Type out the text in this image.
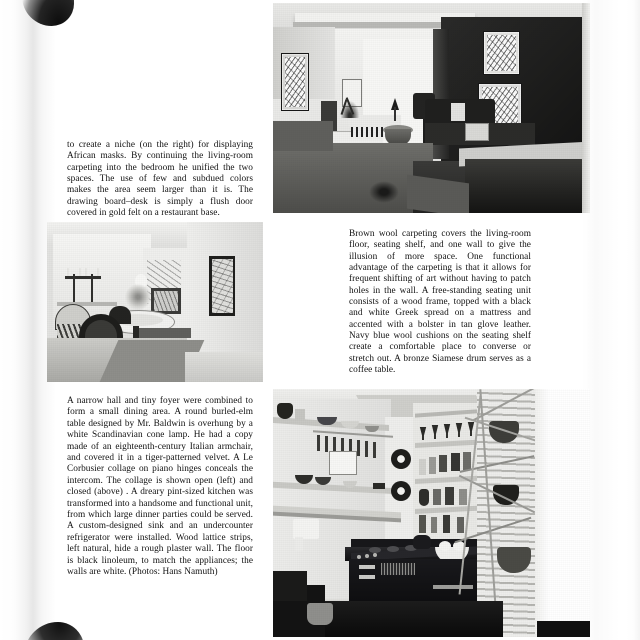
to create a niche (on the right) for displaying African masks. By continuing the living-room carpeting into the bedroom he unified the two spaces. The use of few and subdued colors makes the area seem larger than it is. The drawing board–desk is simply a flush door covered in gold felt on a restaurant base.

Brown wool carpeting covers the living-room floor, seating shelf, and one wall to give the illusion of more space. One functional advantage of the carpeting is that it allows for frequent shifting of art without having to patch holes in the wall. A free-standing seating unit consists of a wood frame, topped with a black and white Greek spread on a mattress and accented with a bolster in tan glove leather. Navy blue wool cushions on the seating shelf create a comfortable place to converse or stretch out. A bronze Siamese drum serves as a coffee table.

A narrow hall and tiny foyer were combined to form a small dining area. A round burled-elm table designed by Mr. Baldwin is overhung by a white Scandinavian cone lamp. He had a copy made of an eighteenth-century Italian armchair, and covered it in a tiger-patterned velvet. A Le Corbusier collage on piano hinges conceals the intercom. The collage is shown open (left) and closed (above) . A dreary pint-sized kitchen was transformed into a handsome and functional unit, from which large dinner parties could be served. A custom-designed sink and an undercounter refrigerator were installed. Wood lattice strips, left natural, hide a rough plaster wall. The floor is black linoleum, to match the appliances; the walls are white. (Photos: Hans Namuth)
